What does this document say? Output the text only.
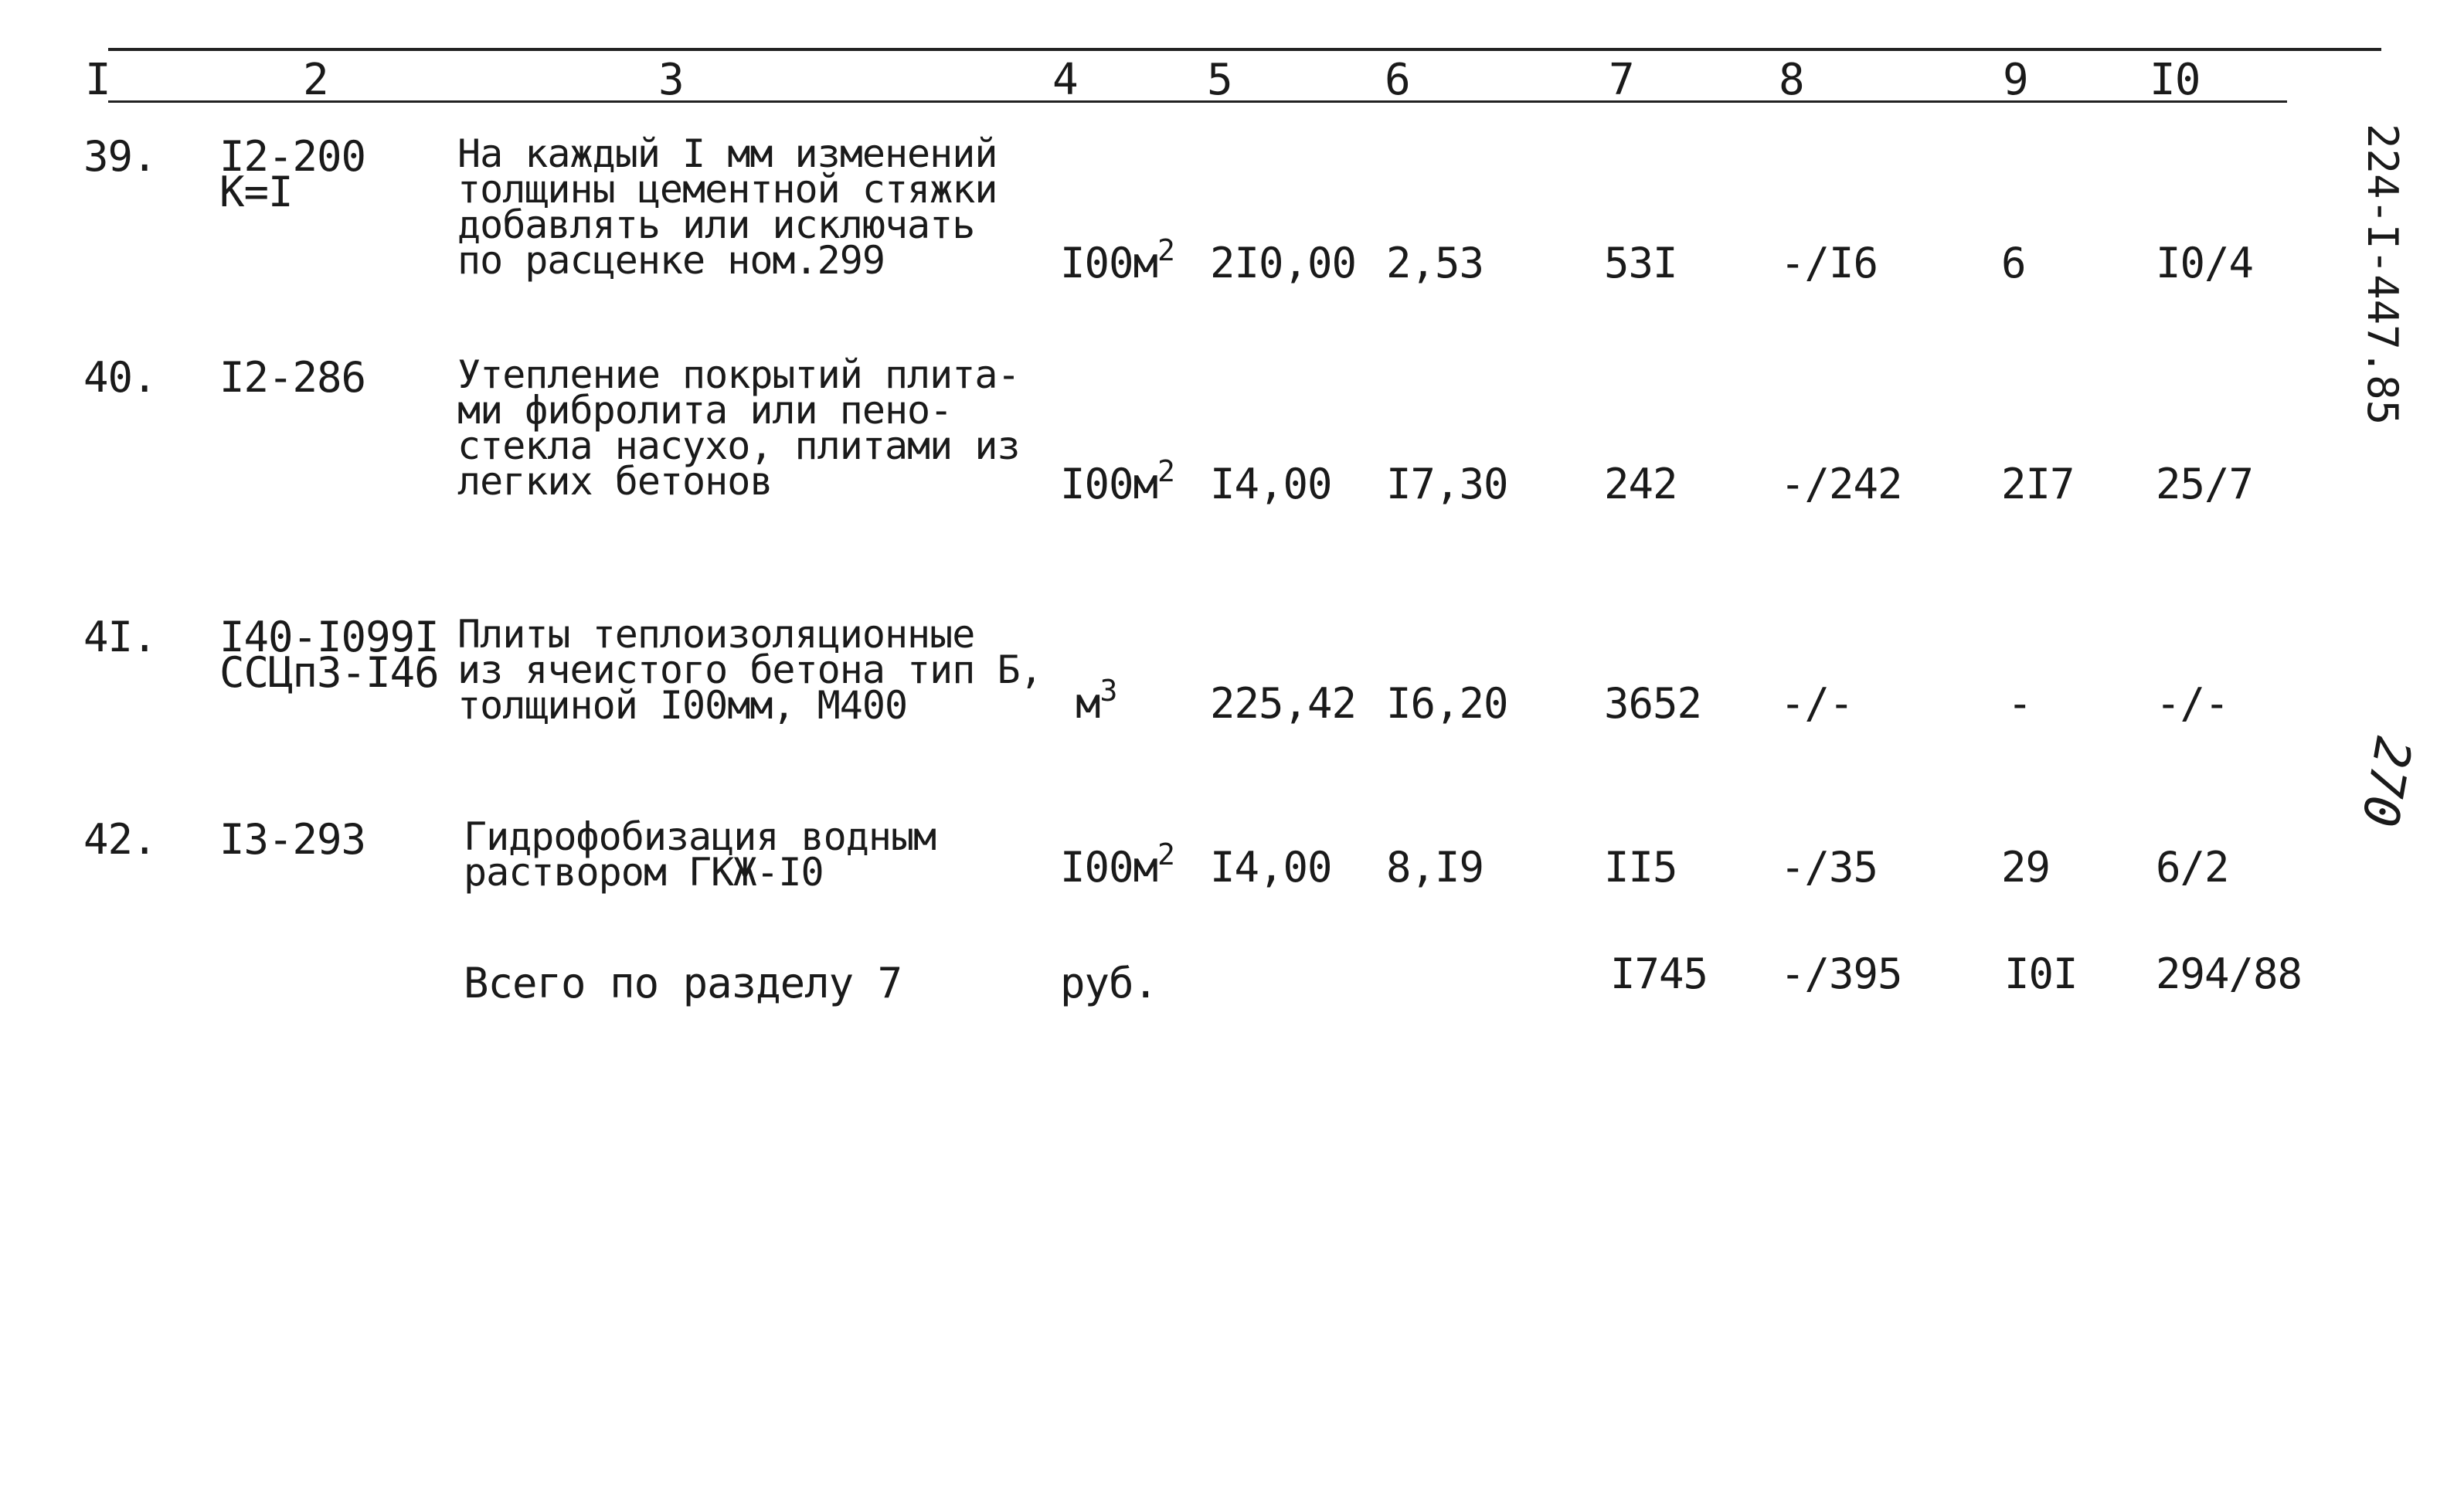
I	2	3	4	5	6	7	8	9	I0
39. I2-200
К=I
На каждый I мм изменений
толщины цементной стяжки
добавлять или исключать
по расценке ном.299	$I00м^2$ 2I0,00 2,53	53I -/I6	6	I0/4
40. I2-286 Утепление покрытий плита-
ми фибролита или пено-
стекла насухо, плитами из
легких бетонов	$I00м^2$ I4,00 I7,30 242 -/242 2I7 25/7
4I. I40-I099I
ССЦп3-I46
Плиты теплоизоляционные
из ячеистого бетона тип Б,
толщиной I00мм, М400	$м^3$ 225,42 I6,20 3652 -/-	-	-/-
42. I3-293	Гидрофобизация водным
раствором ГКЖ-I0	$I00м^2$ I4,00 8,I9	II5 -/35	29	6/2
Всего по разделу 7	руб.	I745 -/395 I0I 294/88
224-I-447.85
270
